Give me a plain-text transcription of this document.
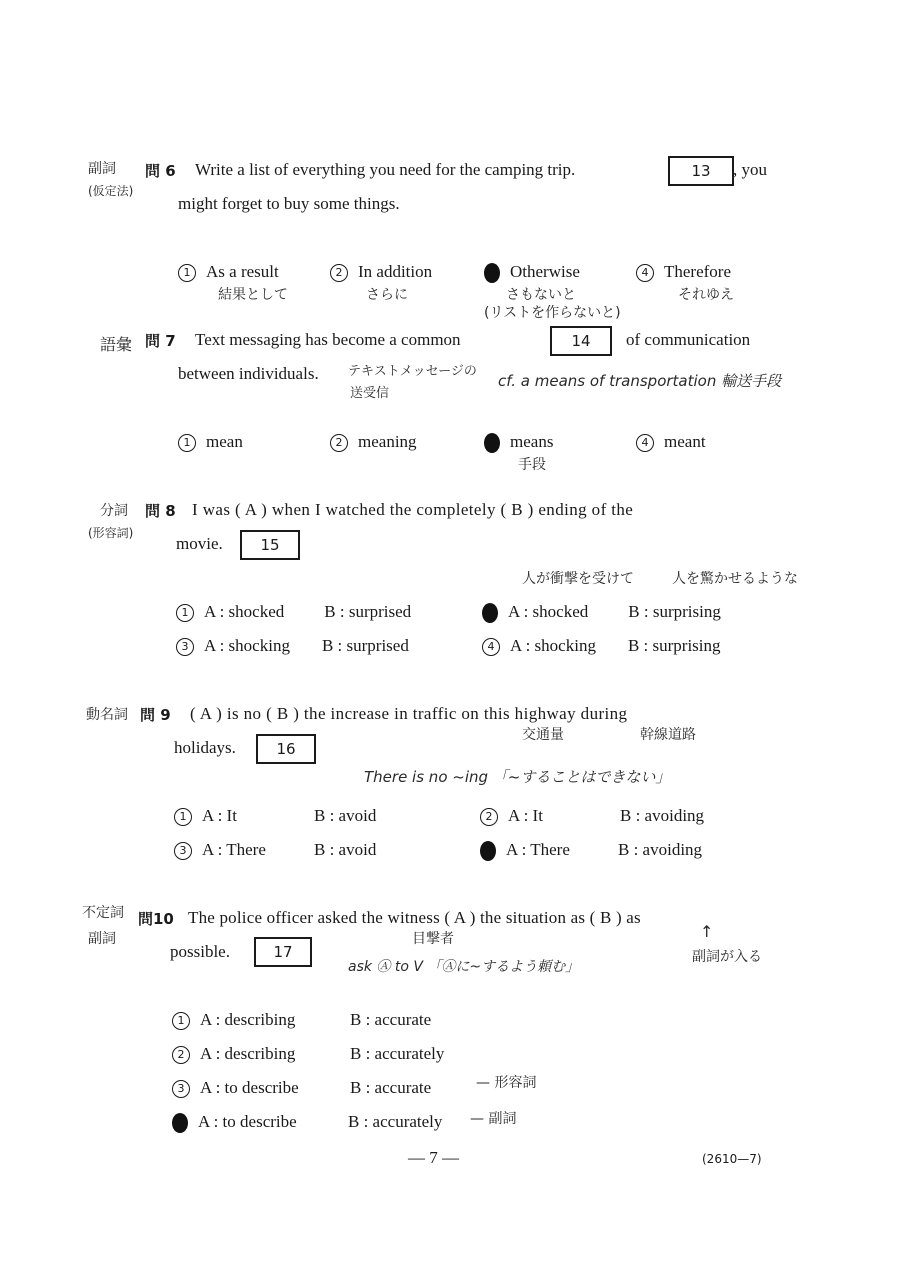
副詞
(仮定法)
問 6 Write a list of everything you need for the camping trip.	13	, you
might forget to buy some things.
1 As a result
結果として
2 In addition
さらに
Otherwise
さもないと
(リストを作らないと)
4 Therefore
それゆえ
語彙 問 7 Text messaging has become a common	14	of communication
between individuals. テキストメッセージの
送受信
cf. a means of transportation 輸送手段
1 mean	2 meaning	means
手段
4 meant
分詞
(形容詞)
問 8 I was ( A ) when I watched the completely ( B ) ending of the
movie.	15
人が衝撃を受けて	人を驚かせるような
1 A : shocked B : surprised	A : shocked B : surprising
3 A : shocking B : surprised	4 A : shocking B : surprising
動名詞 問 9 ( A ) is no ( B ) the increase in traffic on this highway during
holidays.	16
交通量	幹線道路
There is no ~ing 「~することはできない」
1 A : It	B : avoid	2 A : It	B : avoiding
3 A : There	B : avoid	A : There	B : avoiding
不定詞
副詞
問10 The police officer asked the witness ( A ) the situation as ( B ) as
possible.	17
目撃者
ask Ⓐ to V 「Ⓐに~するよう頼む」
↑
副詞が入る
1 A : describing	B : accurate
2 A : describing	B : accurately
3 A : to describe	B : accurate	— 形容詞
A : to describe	B : accurately — 副詞
— 7 —	(2610—7)
